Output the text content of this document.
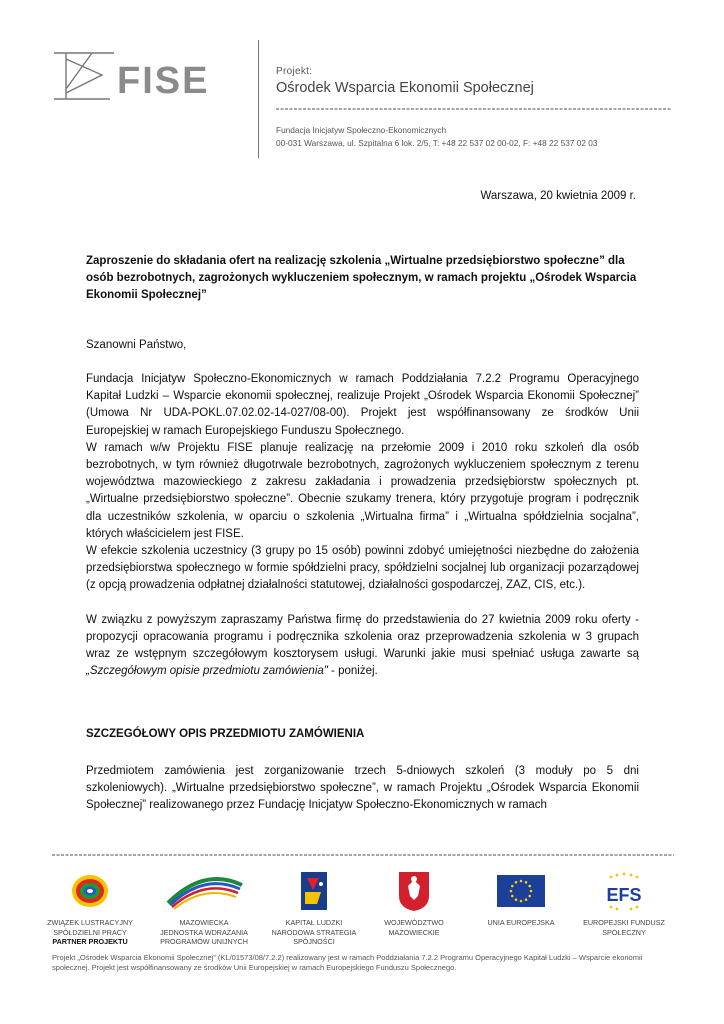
FISE	Projekt:
Ośrodek Wsparcia Ekonomii Społecznej
Fundacja Inicjatyw Społeczno-Ekonomicznych
00-031 Warszawa, ul. Szpitalna 6 lok. 2/5, T: +48 22 537 02 00-02, F: +48 22 537 02 03
Warszawa, 20 kwietnia 2009 r.
Zaproszenie do składania ofert na realizację szkolenia „Wirtualne przedsiębiorstwo społeczne” dla osób bezrobotnych, zagrożonych wykluczeniem społecznym, w ramach projektu „Ośrodek Wsparcia Ekonomii Społecznej”
Szanowni Państwo,

Fundacja Inicjatyw Społeczno-Ekonomicznych w ramach Poddziałania 7.2.2 Programu Operacyjnego Kapitał Ludzki – Wsparcie ekonomii społecznej, realizuje Projekt „Ośrodek Wsparcia Ekonomii Społecznej” (Umowa Nr UDA-POKL.07.02.02-14-027/08-00). Projekt jest współfinansowany ze środków Unii Europejskiej w ramach Europejskiego Funduszu Społecznego.

W ramach w/w Projektu FISE planuje realizację na przełomie 2009 i 2010 roku szkoleń dla osób bezrobotnych, w tym również długotrwale bezrobotnych, zagrożonych wykluczeniem społecznym z terenu województwa mazowieckiego z zakresu zakładania i prowadzenia przedsiębiorstw społecznych pt. „Wirtualne przedsiębiorstwo społeczne”. Obecnie szukamy trenera, który przygotuje program i podręcznik dla uczestników szkolenia, w oparciu o szkolenia „Wirtualna firma” i „Wirtualna spółdzielnia socjalna”, których właścicielem jest FISE.

W efekcie szkolenia uczestnicy (3 grupy po 15 osób) powinni zdobyć umiejętności niezbędne do założenia przedsiębiorstwa społecznego w formie spółdzielni pracy, spółdzielni socjalnej lub organizacji pozarządowej (z opcją prowadzenia odpłatnej działalności statutowej, działalności gospodarczej, ZAZ, CIS, etc.).

W związku z powyższym zapraszamy Państwa firmę do przedstawienia do 27 kwietnia 2009 roku oferty - propozycji opracowania programu i podręcznika szkolenia oraz przeprowadzenia szkolenia w 3 grupach wraz ze wstępnym szczegółowym kosztorysem usługi. Warunki jakie musi spełniać usługa zawarte są „Szczegółowym opisie przedmiotu zamówienia" - poniżej.

SZCZEGÓŁOWY OPIS PRZEDMIOTU ZAMÓWIENIA

Przedmiotem zamówienia jest zorganizowanie trzech 5-dniowych szkoleń (3 moduły po 5 dni szkoleniowych). „Wirtualne przedsiębiorstwo społeczne”, w ramach Projektu „Ośrodek Wsparcia Ekonomii Społecznej” realizowanego przez Fundację Inicjatyw Społeczno-Ekonomicznych w ramach

ZWIĄZEK LUSTRACYJNY
SPÓŁDZIELNI PRACY
PARTNER PROJEKTU
MAZOWIECKA
JEDNOSTKA WDRAŻANIA
PROGRAMÓW UNIJNYCH
KAPITAŁ LUDZKI
NARODOWA STRATEGIA
SPÓJNOŚCI
WOJEWÓDZTWO
MAZOWIECKIE
UNIA EUROPEJSKA
EFS
EUROPEJSKI FUNDUSZ
SPOŁECZNY
Projekt „Ośrodek Wsparcia Ekonomii Społecznej” (KL/01573/08/7.2.2) realizowany jest w ramach Poddziałania 7.2.2 Programu Operacyjnego Kapitał Ludzki – Wsparcie ekonomii społecznej. Projekt jest współfinansowany ze środków Unii Europejskiej w ramach Europejskiego Funduszu Społecznego.
